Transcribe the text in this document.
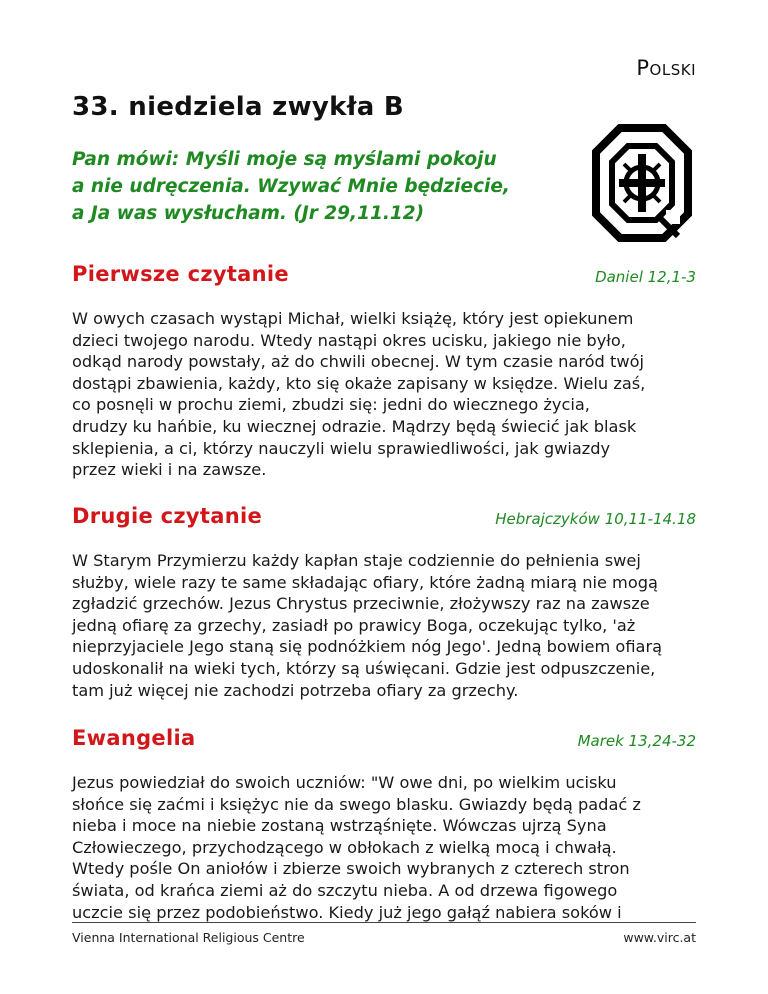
Polski
33. niedziela zwykła B
Pan mówi: Myśli moje są myślami pokoju
a nie udręczenia. Wzywać Mnie będziecie,
a Ja was wysłucham. (Jr 29,11.12)
Pierwsze czytanie	Daniel 12,1-3
W owych czasach wystąpi Michał, wielki książę, który jest opiekunem
dzieci twojego narodu. Wtedy nastąpi okres ucisku, jakiego nie było,
odkąd narody powstały, aż do chwili obecnej. W tym czasie naród twój
dostąpi zbawienia, każdy, kto się okaże zapisany w księdze. Wielu zaś,
co posnęli w prochu ziemi, zbudzi się: jedni do wiecznego życia,
drudzy ku hańbie, ku wiecznej odrazie. Mądrzy będą świecić jak blask
sklepienia, a ci, którzy nauczyli wielu sprawiedliwości, jak gwiazdy
przez wieki i na zawsze.
Drugie czytanie	Hebrajczyków 10,11-14.18
W Starym Przymierzu każdy kapłan staje codziennie do pełnienia swej
służby, wiele razy te same składając ofiary, które żadną miarą nie mogą
zgładzić grzechów. Jezus Chrystus przeciwnie, złożywszy raz na zawsze
jedną ofiarę za grzechy, zasiadł po prawicy Boga, oczekując tylko, 'aż
nieprzyjaciele Jego staną się podnóżkiem nóg Jego'. Jedną bowiem ofiarą
udoskonalił na wieki tych, którzy są uświęcani. Gdzie jest odpuszczenie,
tam już więcej nie zachodzi potrzeba ofiary za grzechy.
Ewangelia	Marek 13,24-32
Jezus powiedział do swoich uczniów: "W owe dni, po wielkim ucisku
słońce się zaćmi i księżyc nie da swego blasku. Gwiazdy będą padać z
nieba i moce na niebie zostaną wstrząśnięte. Wówczas ujrzą Syna
Człowieczego, przychodzącego w obłokach z wielką mocą i chwałą.
Wtedy pośle On aniołów i zbierze swoich wybranych z czterech stron
świata, od krańca ziemi aż do szczytu nieba. A od drzewa figowego
uczcie się przez podobieństwo. Kiedy już jego gałąź nabiera soków i
Vienna International Religious Centre	www.virc.at
